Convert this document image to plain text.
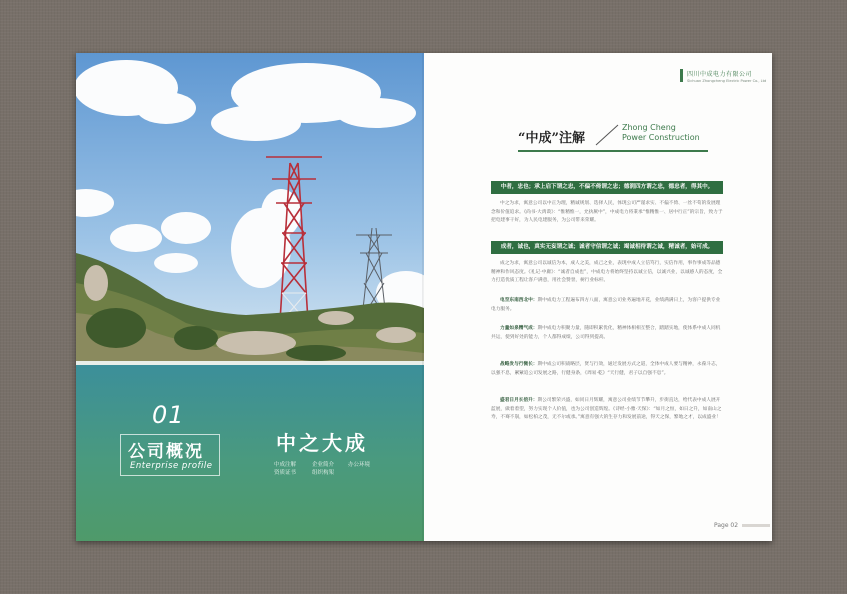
01
公司概况
Enterprise profile
中之大成
中成注解
资质证书
企业简介
组织构架
办公环境
四川中成电力有限公司
Sichuan Zhongcheng Electric Power Co., Ltd
“中成”注解
Zhong Cheng
Power Construction
中者，忠也；承上启下谓之忠，不偏不倚谓之忠；德润四方谓之忠，德忠者，得其中。
中之为求，寓意公司以中正为理，精诚规划、选择人民，体现公司严谨求实、不偏不倚、一丝不苟的发展理念和价值追求。《尚书·大禹谟》：“惟精惟一，允执厥中”，中成电力将秉承“惟精惟一、居中行正”的宗旨，致力于把电建事干好，为人民电建服务，为公司带来荣耀。
成者，诚也，真实无妄谓之诚；诚者守信谓之诚；竭诚相待谓之诚，精诚者，始可成。
成之为求，寓意公司以诚信为本，成人之美，成己之业，表现中成人立信笃行，实信作用，事作事成等品德精神和作风态度。《礼记·中庸》：“诚者自成也”，中成电力将始终坚持以诚立信，以诚兴业，以诚感人的态度，全力打造优质工程让客户满意，用社会赞誉，树行业标杆。
电至东南西北中：期中成电力工程遍布四方八面，寓意公司业务遍地开花，业绩满满日上，为客户提供专业电力服务。
力量如泉精气成：期中成电力积聚力量，随即积累优化，精神体相相互整合，踏踏实地，使体系中成人同机共运，使到好处的能力，个人都得成绩，公司得到提高。
战略发与行微长：期中成公司积战略层，贤与行效，通过发展方式之道，全体中成人要与精神，永葆斗志，以强不息，紧紧追公司发展之路，行健身条，《周易·乾》“天行健，君子以自强不息”。
盛君日月长倍升：期公司繁荣兴盛，如同日月辉耀，寓意公司业绩节节攀升，步街直达，给代表中成人展开蓝展，做着着望，努力实现个人价值，也为公司创造辉煌。《诗经·小雅·天保》：“如月之恒，如日之升，如南山之寿，不骞不崩，如松柏之茂，无不尔或承。”寓意有强大的生存力和发展前途，得天之保，繁地之才，以成盛业！
Page 02
